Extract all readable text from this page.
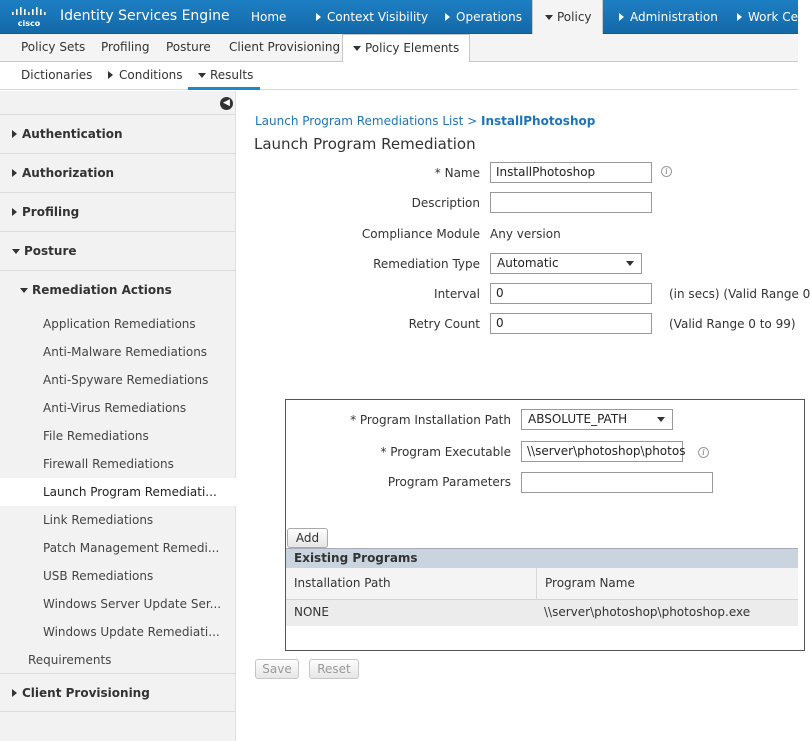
cisco Identity Services Engine Home	Context Visibility	Operations	Policy	Administration	Work Cen
Policy Sets Profiling Posture Client Provisioning	Policy Elements
Dictionaries	Conditions	Results
◀
Authentication
Authorization
Profiling
Posture
Remediation Actions
Application Remediations
Anti-Malware Remediations
Anti-Spyware Remediations
Anti-Virus Remediations
File Remediations
Firewall Remediations
Launch Program Remediati...
Link Remediations
Patch Management Remedi...
USB Remediations
Windows Server Update Ser...
Windows Update Remediati...
Requirements
Client Provisioning
Launch Program Remediations List > InstallPhotoshop
Launch Program Remediation
* Name	InstallPhotoshop	i
Description
Compliance Module Any version
Remediation Type	Automatic
Interval	0	(in secs) (Valid Range 0
Retry Count	0	(Valid Range 0 to 99)
* Program Installation Path	ABSOLUTE_PATH
* Program Executable	\\server\photoshop\photos	i
Program Parameters
Add
Existing Programs
Installation Path	Program Name
NONE	\\server\photoshop\photoshop.exe
Save	Reset
